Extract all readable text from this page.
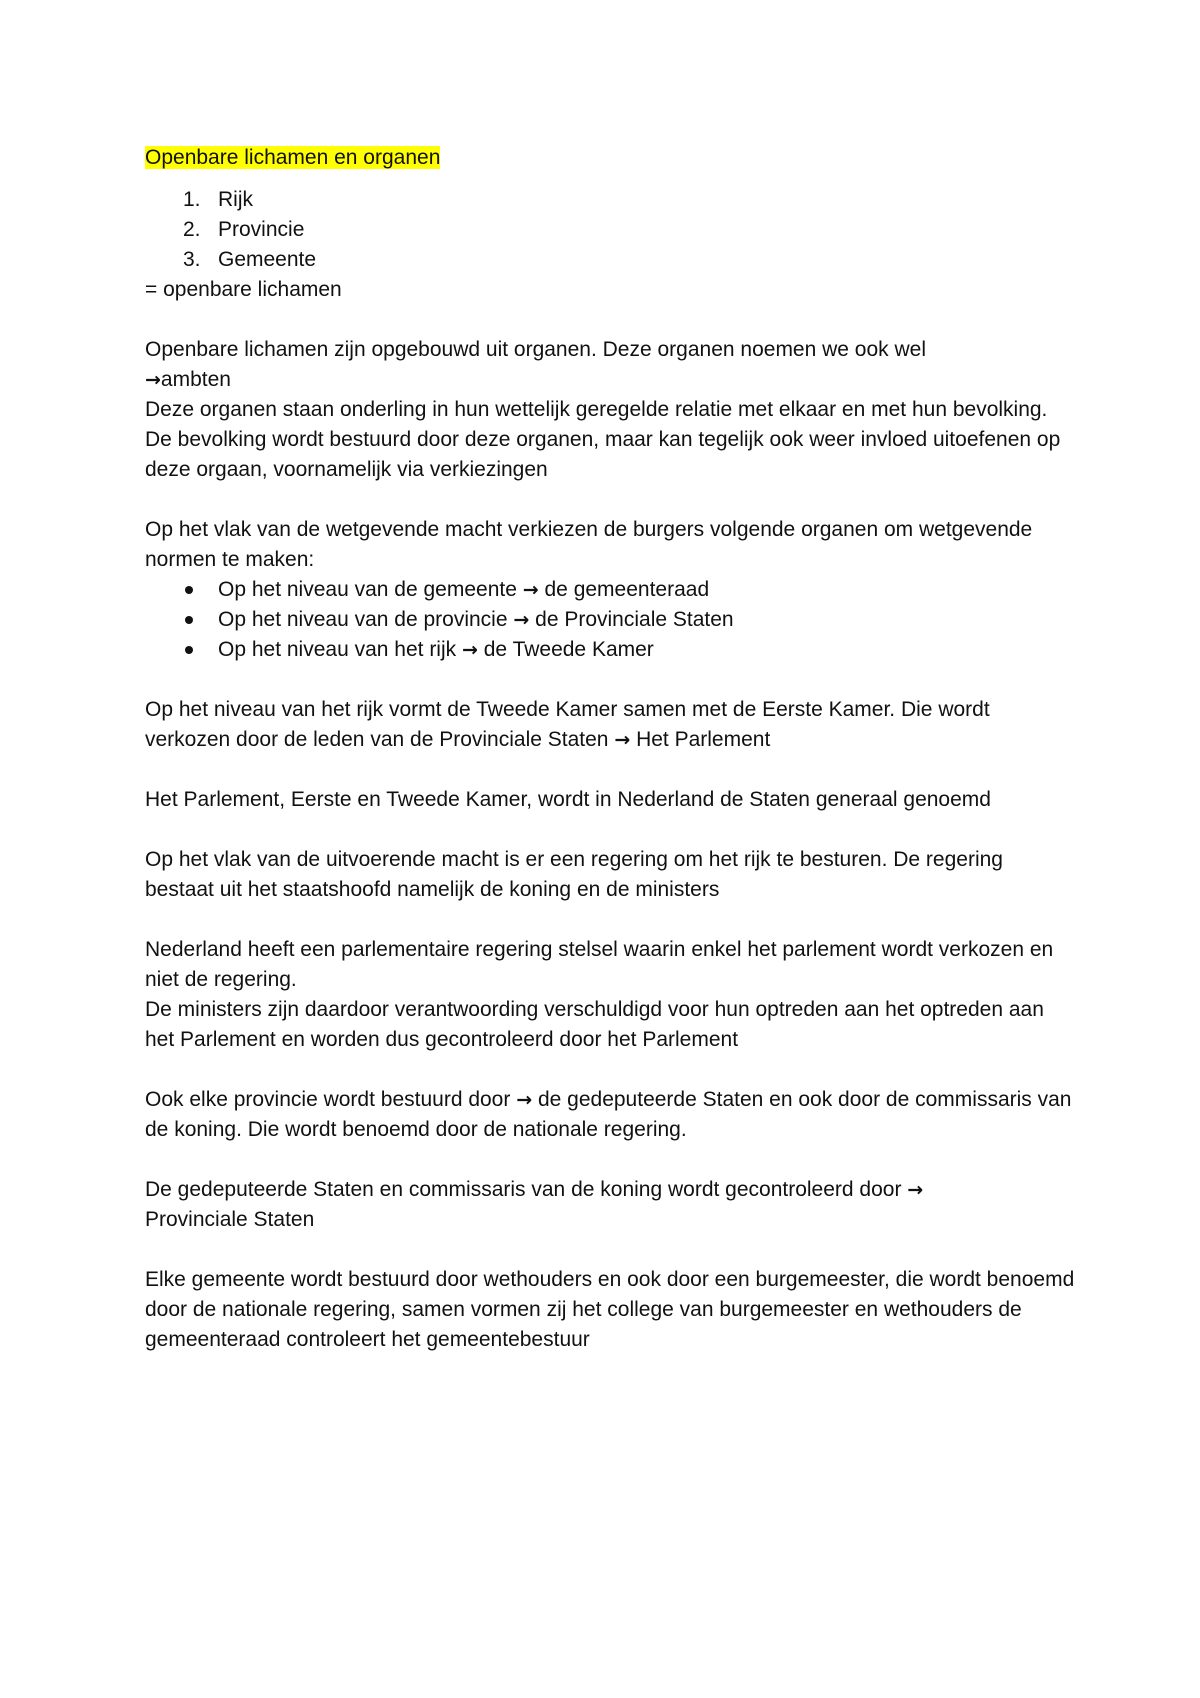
Openbare lichamen en organen
1. Rijk
2. Provincie
3. Gemeente

= openbare lichamen

Openbare lichamen zijn opgebouwd uit organen. Deze organen noemen we ook wel
→ambten
Deze organen staan onderling in hun wettelijk geregelde relatie met elkaar en met hun bevolking. De bevolking wordt bestuurd door deze organen, maar kan tegelijk ook weer invloed uitoefenen op deze orgaan, voornamelijk via verkiezingen

Op het vlak van de wetgevende macht verkiezen de burgers volgende organen om wetgevende normen te maken:

Op het niveau van de gemeente → de gemeenteraad
Op het niveau van de provincie → de Provinciale Staten
Op het niveau van het rijk → de Tweede Kamer

Op het niveau van het rijk vormt de Tweede Kamer samen met de Eerste Kamer. Die wordt verkozen door de leden van de Provinciale Staten → Het Parlement

Het Parlement, Eerste en Tweede Kamer, wordt in Nederland de Staten generaal genoemd

Op het vlak van de uitvoerende macht is er een regering om het rijk te besturen. De regering bestaat uit het staatshoofd namelijk de koning en de ministers

Nederland heeft een parlementaire regering stelsel waarin enkel het parlement wordt verkozen en niet de regering.
De ministers zijn daardoor verantwoording verschuldigd voor hun optreden aan het optreden aan het Parlement en worden dus gecontroleerd door het Parlement

Ook elke provincie wordt bestuurd door → de gedeputeerde Staten en ook door de commissaris van de koning. Die wordt benoemd door de nationale regering.

De gedeputeerde Staten en commissaris van de koning wordt gecontroleerd door →
Provinciale Staten

Elke gemeente wordt bestuurd door wethouders en ook door een burgemeester, die wordt benoemd door de nationale regering, samen vormen zij het college van burgemeester en wethouders de gemeenteraad controleert het gemeentebestuur
